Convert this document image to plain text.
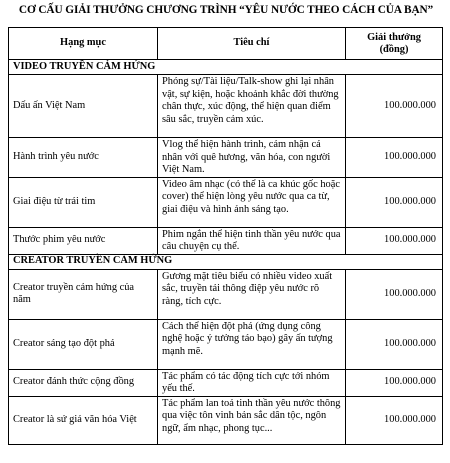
CƠ CẤU GIẢI THƯỞNG CHƯƠNG TRÌNH “YÊU NƯỚC THEO CÁCH CỦA BẠN”
Hạng mục	Tiêu chí	Giải thưởng
(đồng)
VIDEO TRUYỀN CẢM HỨNG		
Dấu ấn Việt Nam	Phóng sự/Tài liệu/Talk-show ghi lại nhân vật, sự kiện, hoặc khoảnh khắc đời thường chân thực, xúc động, thể hiện quan điểm sâu sắc, truyền cảm xúc.	100.000.000
Hành trình yêu nước	Vlog thể hiện hành trình, cảm nhận cá nhân với quê hương, văn hóa, con người Việt Nam.	100.000.000
Giai điệu từ trái tim	Video âm nhạc (có thể là ca khúc gốc hoặc cover) thể hiện lòng yêu nước qua ca từ, giai điệu và hình ảnh sáng tạo.	100.000.000
Thước phim yêu nước	Phim ngắn thể hiện tinh thần yêu nước qua câu chuyện cụ thể.	100.000.000
CREATOR TRUYỀN CẢM HỨNG		
Creator truyền cảm hứng của năm	Gương mặt tiêu biểu có nhiều video xuất sắc, truyền tải thông điệp yêu nước rõ ràng, tích cực.	100.000.000
Creator sáng tạo đột phá	Cách thể hiện đột phá (ứng dụng công nghệ hoặc ý tưởng táo bạo) gây ấn tượng mạnh mẽ.	100.000.000
Creator đánh thức cộng đồng	Tác phẩm có tác động tích cực tới nhóm yếu thế.	100.000.000
Creator là sứ giả văn hóa Việt	Tác phẩm lan toả tinh thần yêu nước thông qua việc tôn vinh bản sắc dân tộc, ngôn ngữ, ẩm nhạc, phong tục...	100.000.000
